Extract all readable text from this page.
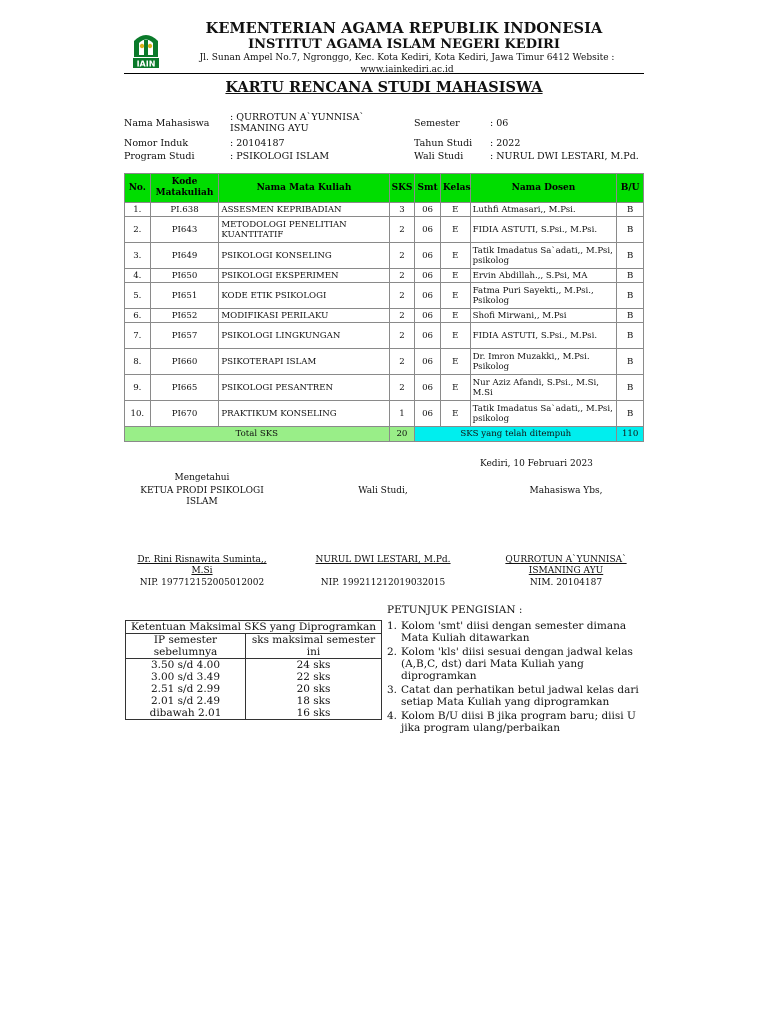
IAIN
KEMENTERIAN AGAMA REPUBLIK INDONESIA
INSTITUT AGAMA ISLAM NEGERI KEDIRI
Jl. Sunan Ampel No.7, Ngronggo, Kec. Kota Kediri, Kota Kediri, Jawa Timur 6412 Website : www.iainkediri.ac.id
KARTU RENCANA STUDI MAHASISWA
Nama Mahasiswa
: QURROTUN A`YUNNISA` ISMANING AYU
Nomor Induk	: 20104187
Program Studi	: PSIKOLOGI ISLAM
Semester	: 06
Tahun Studi : 2022
Wali Studi	: NURUL DWI LESTARI, M.Pd.
No.	Kode Matakuliah	Nama Mata Kuliah	SKS	Smt	Kelas	Nama Dosen	B/U
1.	PI.638	ASSESMEN KEPRIBADIAN	3	06	E	Luthfi Atmasari,, M.Psi.	B
2.	PI643	METODOLOGI PENELITIAN KUANTITATIF	2	06	E	FIDIA ASTUTI, S.Psi., M.Psi.	B
3.	PI649	PSIKOLOGI KONSELING	2	06	E	Tatik Imadatus Sa`adati,, M.Psi, psikolog	B
4.	PI650	PSIKOLOGI EKSPERIMEN	2	06	E	Ervin Abdillah.,, S.Psi, MA	B
5.	PI651	KODE ETIK PSIKOLOGI	2	06	E	Fatma Puri Sayekti,, M.Psi., Psikolog	B
6.	PI652	MODIFIKASI PERILAKU	2	06	E	Shofi Mirwani,, M.Psi	B
7.	PI657	PSIKOLOGI LINGKUNGAN	2	06	E	FIDIA ASTUTI, S.Psi., M.Psi.	B
8.	PI660	PSIKOTERAPI ISLAM	2	06	E	Dr. Imron Muzakki,, M.Psi. Psikolog	B
9.	PI665	PSIKOLOGI PESANTREN	2	06	E	Nur Aziz Afandi, S.Psi., M.Si, M.Si	B
10.	PI670	PRAKTIKUM KONSELING	1	06	E	Tatik Imadatus Sa`adati,, M.Psi, psikolog	B
Total SKS			20	SKS yang telah ditempuh			110
Kediri, 10 Februari 2023
Mengetahui
KETUA PRODI PSIKOLOGI ISLAM
Wali Studi,	Mahasiswa Ybs,
Dr. Rini Risnawita Suminta,, M.Si
NURUL DWI LESTARI, M.Pd.	QURROTUN A`YUNNISA` ISMANING AYU
NIP. 197712152005012002	NIP. 199211212019032015	NIM. 20104187
Ketentuan Maksimal SKS yang Diprogramkan	
IP semester sebelumnya	sks maksimal semester ini
3.50 s/d 4.00	24 sks
3.00 s/d 3.49	22 sks
2.51 s/d 2.99	20 sks
2.01 s/d 2.49	18 sks
dibawah 2.01	16 sks
PETUNJUK PENGISIAN :
1. Kolom 'smt' diisi dengan semester dimana Mata Kuliah ditawarkan
2. Kolom 'kls' diisi sesuai dengan jadwal kelas (A,B,C, dst) dari Mata Kuliah yang diprogramkan
3. Catat dan perhatikan betul jadwal kelas dari setiap Mata Kuliah yang diprogramkan
4. Kolom B/U diisi B jika program baru; diisi U jika program ulang/perbaikan
